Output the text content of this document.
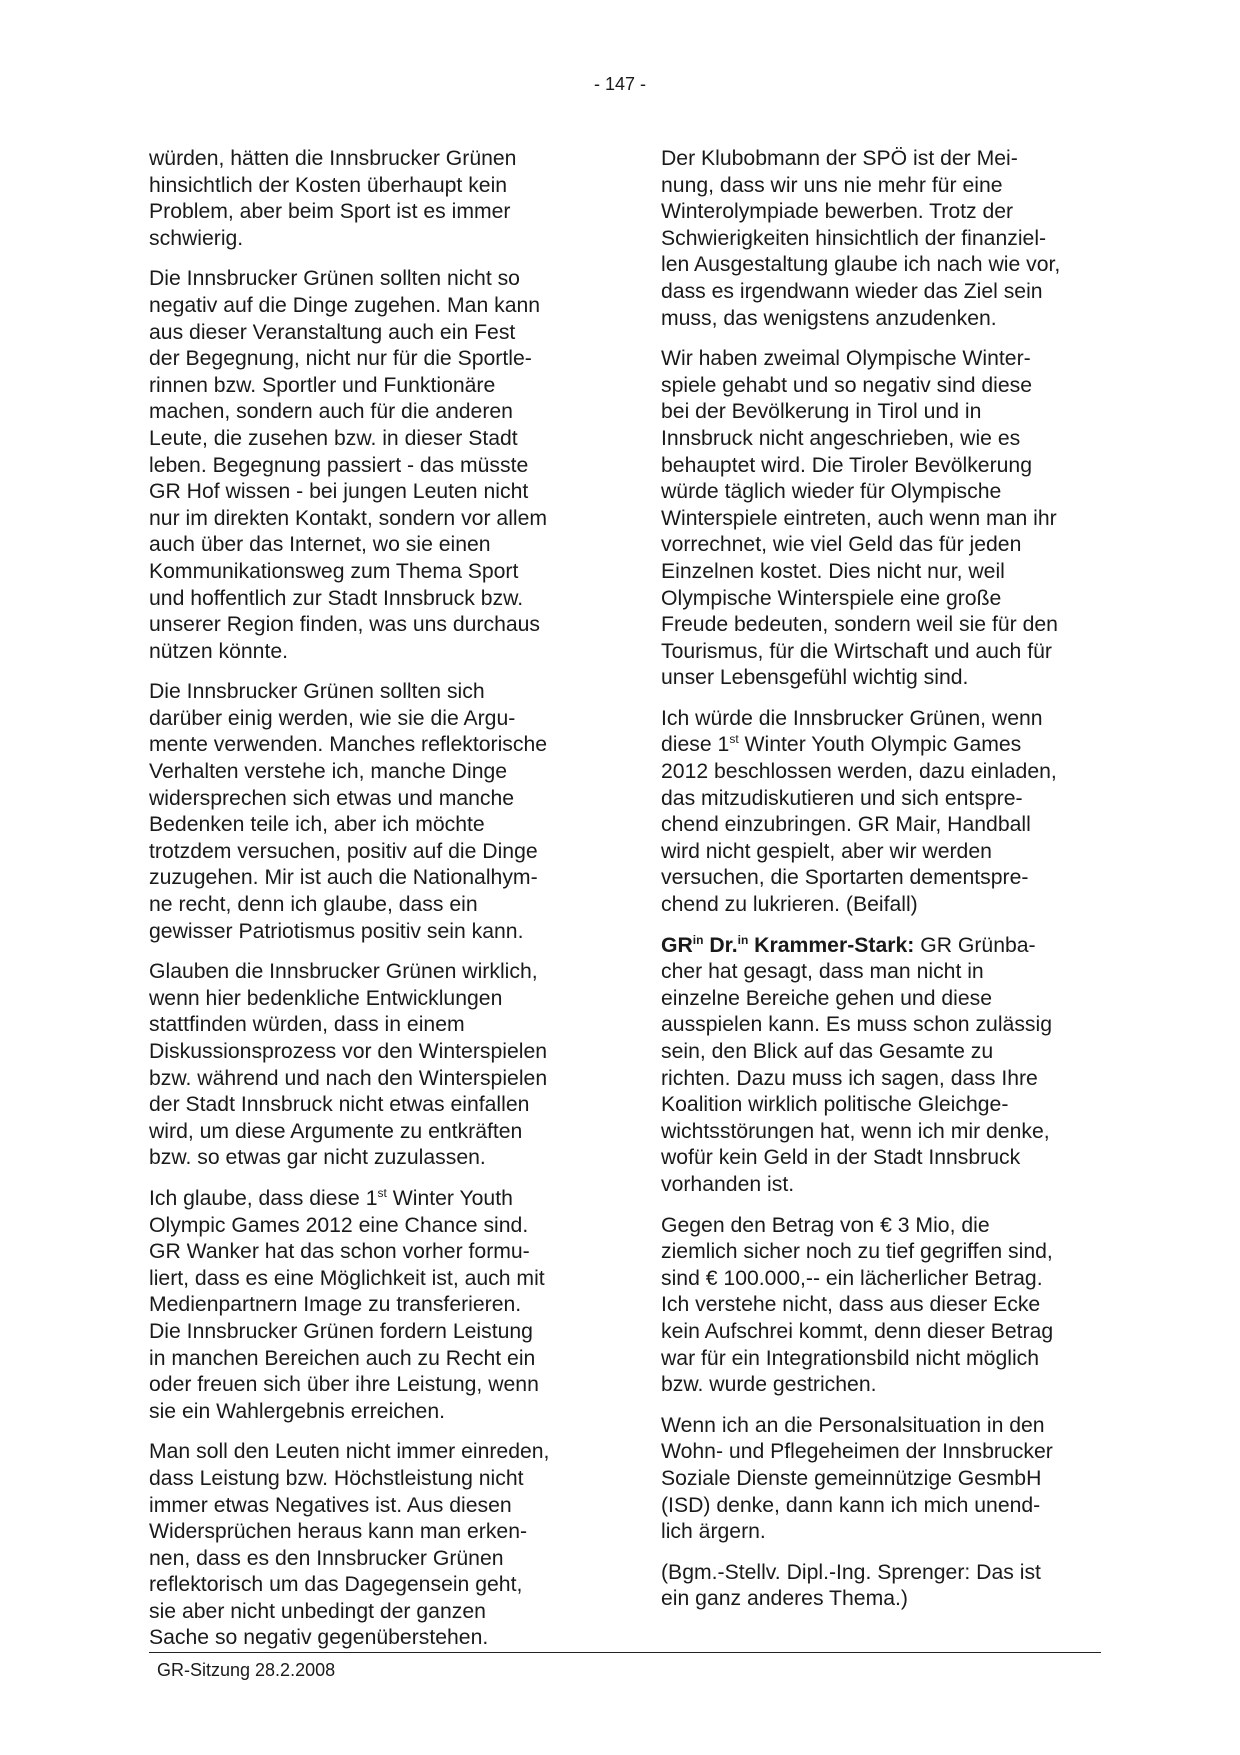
- 147 -

würden, hätten die Innsbrucker Grünen
hinsichtlich der Kosten überhaupt kein
Problem, aber beim Sport ist es immer
schwierig.

Die Innsbrucker Grünen sollten nicht so
negativ auf die Dinge zugehen. Man kann
aus dieser Veranstaltung auch ein Fest
der Begegnung, nicht nur für die Sportle-
rinnen bzw. Sportler und Funktionäre
machen, sondern auch für die anderen
Leute, die zusehen bzw. in dieser Stadt
leben. Begegnung passiert - das müsste
GR Hof wissen - bei jungen Leuten nicht
nur im direkten Kontakt, sondern vor allem
auch über das Internet, wo sie einen
Kommunikationsweg zum Thema Sport
und hoffentlich zur Stadt Innsbruck bzw.
unserer Region finden, was uns durchaus
nützen könnte.

Die Innsbrucker Grünen sollten sich
darüber einig werden, wie sie die Argu-
mente verwenden. Manches reflektorische
Verhalten verstehe ich, manche Dinge
widersprechen sich etwas und manche
Bedenken teile ich, aber ich möchte
trotzdem versuchen, positiv auf die Dinge
zuzugehen. Mir ist auch die Nationalhym-
ne recht, denn ich glaube, dass ein
gewisser Patriotismus positiv sein kann.

Glauben die Innsbrucker Grünen wirklich,
wenn hier bedenkliche Entwicklungen
stattfinden würden, dass in einem
Diskussionsprozess vor den Winterspielen
bzw. während und nach den Winterspielen
der Stadt Innsbruck nicht etwas einfallen
wird, um diese Argumente zu entkräften
bzw. so etwas gar nicht zuzulassen.

Ich glaube, dass diese 1st Winter Youth
Olympic Games 2012 eine Chance sind.
GR Wanker hat das schon vorher formu-
liert, dass es eine Möglichkeit ist, auch mit
Medienpartnern Image zu transferieren.
Die Innsbrucker Grünen fordern Leistung
in manchen Bereichen auch zu Recht ein
oder freuen sich über ihre Leistung, wenn
sie ein Wahlergebnis erreichen.

Man soll den Leuten nicht immer einreden,
dass Leistung bzw. Höchstleistung nicht
immer etwas Negatives ist. Aus diesen
Widersprüchen heraus kann man erken-
nen, dass es den Innsbrucker Grünen
reflektorisch um das Dagegensein geht,
sie aber nicht unbedingt der ganzen
Sache so negativ gegenüberstehen.

Der Klubobmann der SPÖ ist der Mei-
nung, dass wir uns nie mehr für eine
Winterolympiade bewerben. Trotz der
Schwierigkeiten hinsichtlich der finanziel-
len Ausgestaltung glaube ich nach wie vor,
dass es irgendwann wieder das Ziel sein
muss, das wenigstens anzudenken.

Wir haben zweimal Olympische Winter-
spiele gehabt und so negativ sind diese
bei der Bevölkerung in Tirol und in
Innsbruck nicht angeschrieben, wie es
behauptet wird. Die Tiroler Bevölkerung
würde täglich wieder für Olympische
Winterspiele eintreten, auch wenn man ihr
vorrechnet, wie viel Geld das für jeden
Einzelnen kostet. Dies nicht nur, weil
Olympische Winterspiele eine große
Freude bedeuten, sondern weil sie für den
Tourismus, für die Wirtschaft und auch für
unser Lebensgefühl wichtig sind.

Ich würde die Innsbrucker Grünen, wenn
diese 1st Winter Youth Olympic Games
2012 beschlossen werden, dazu einladen,
das mitzudiskutieren und sich entspre-
chend einzubringen. GR Mair, Handball
wird nicht gespielt, aber wir werden
versuchen, die Sportarten dementspre-
chend zu lukrieren. (Beifall)

$GR^{in}$ Dr.$^{in}$ Krammer-Stark: GR Grünba-
cher hat gesagt, dass man nicht in
einzelne Bereiche gehen und diese
ausspielen kann. Es muss schon zulässig
sein, den Blick auf das Gesamte zu
richten. Dazu muss ich sagen, dass Ihre
Koalition wirklich politische Gleichge-
wichtsstörungen hat, wenn ich mir denke,
wofür kein Geld in der Stadt Innsbruck
vorhanden ist.

Gegen den Betrag von € 3 Mio, die
ziemlich sicher noch zu tief gegriffen sind,
sind € 100.000,-- ein lächerlicher Betrag.
Ich verstehe nicht, dass aus dieser Ecke
kein Aufschrei kommt, denn dieser Betrag
war für ein Integrationsbild nicht möglich
bzw. wurde gestrichen.

Wenn ich an die Personalsituation in den
Wohn- und Pflegeheimen der Innsbrucker
Soziale Dienste gemeinnützige GesmbH
(ISD) denke, dann kann ich mich unend-
lich ärgern.

(Bgm.-Stellv. Dipl.-Ing. Sprenger: Das ist
ein ganz anderes Thema.)

GR-Sitzung 28.2.2008
